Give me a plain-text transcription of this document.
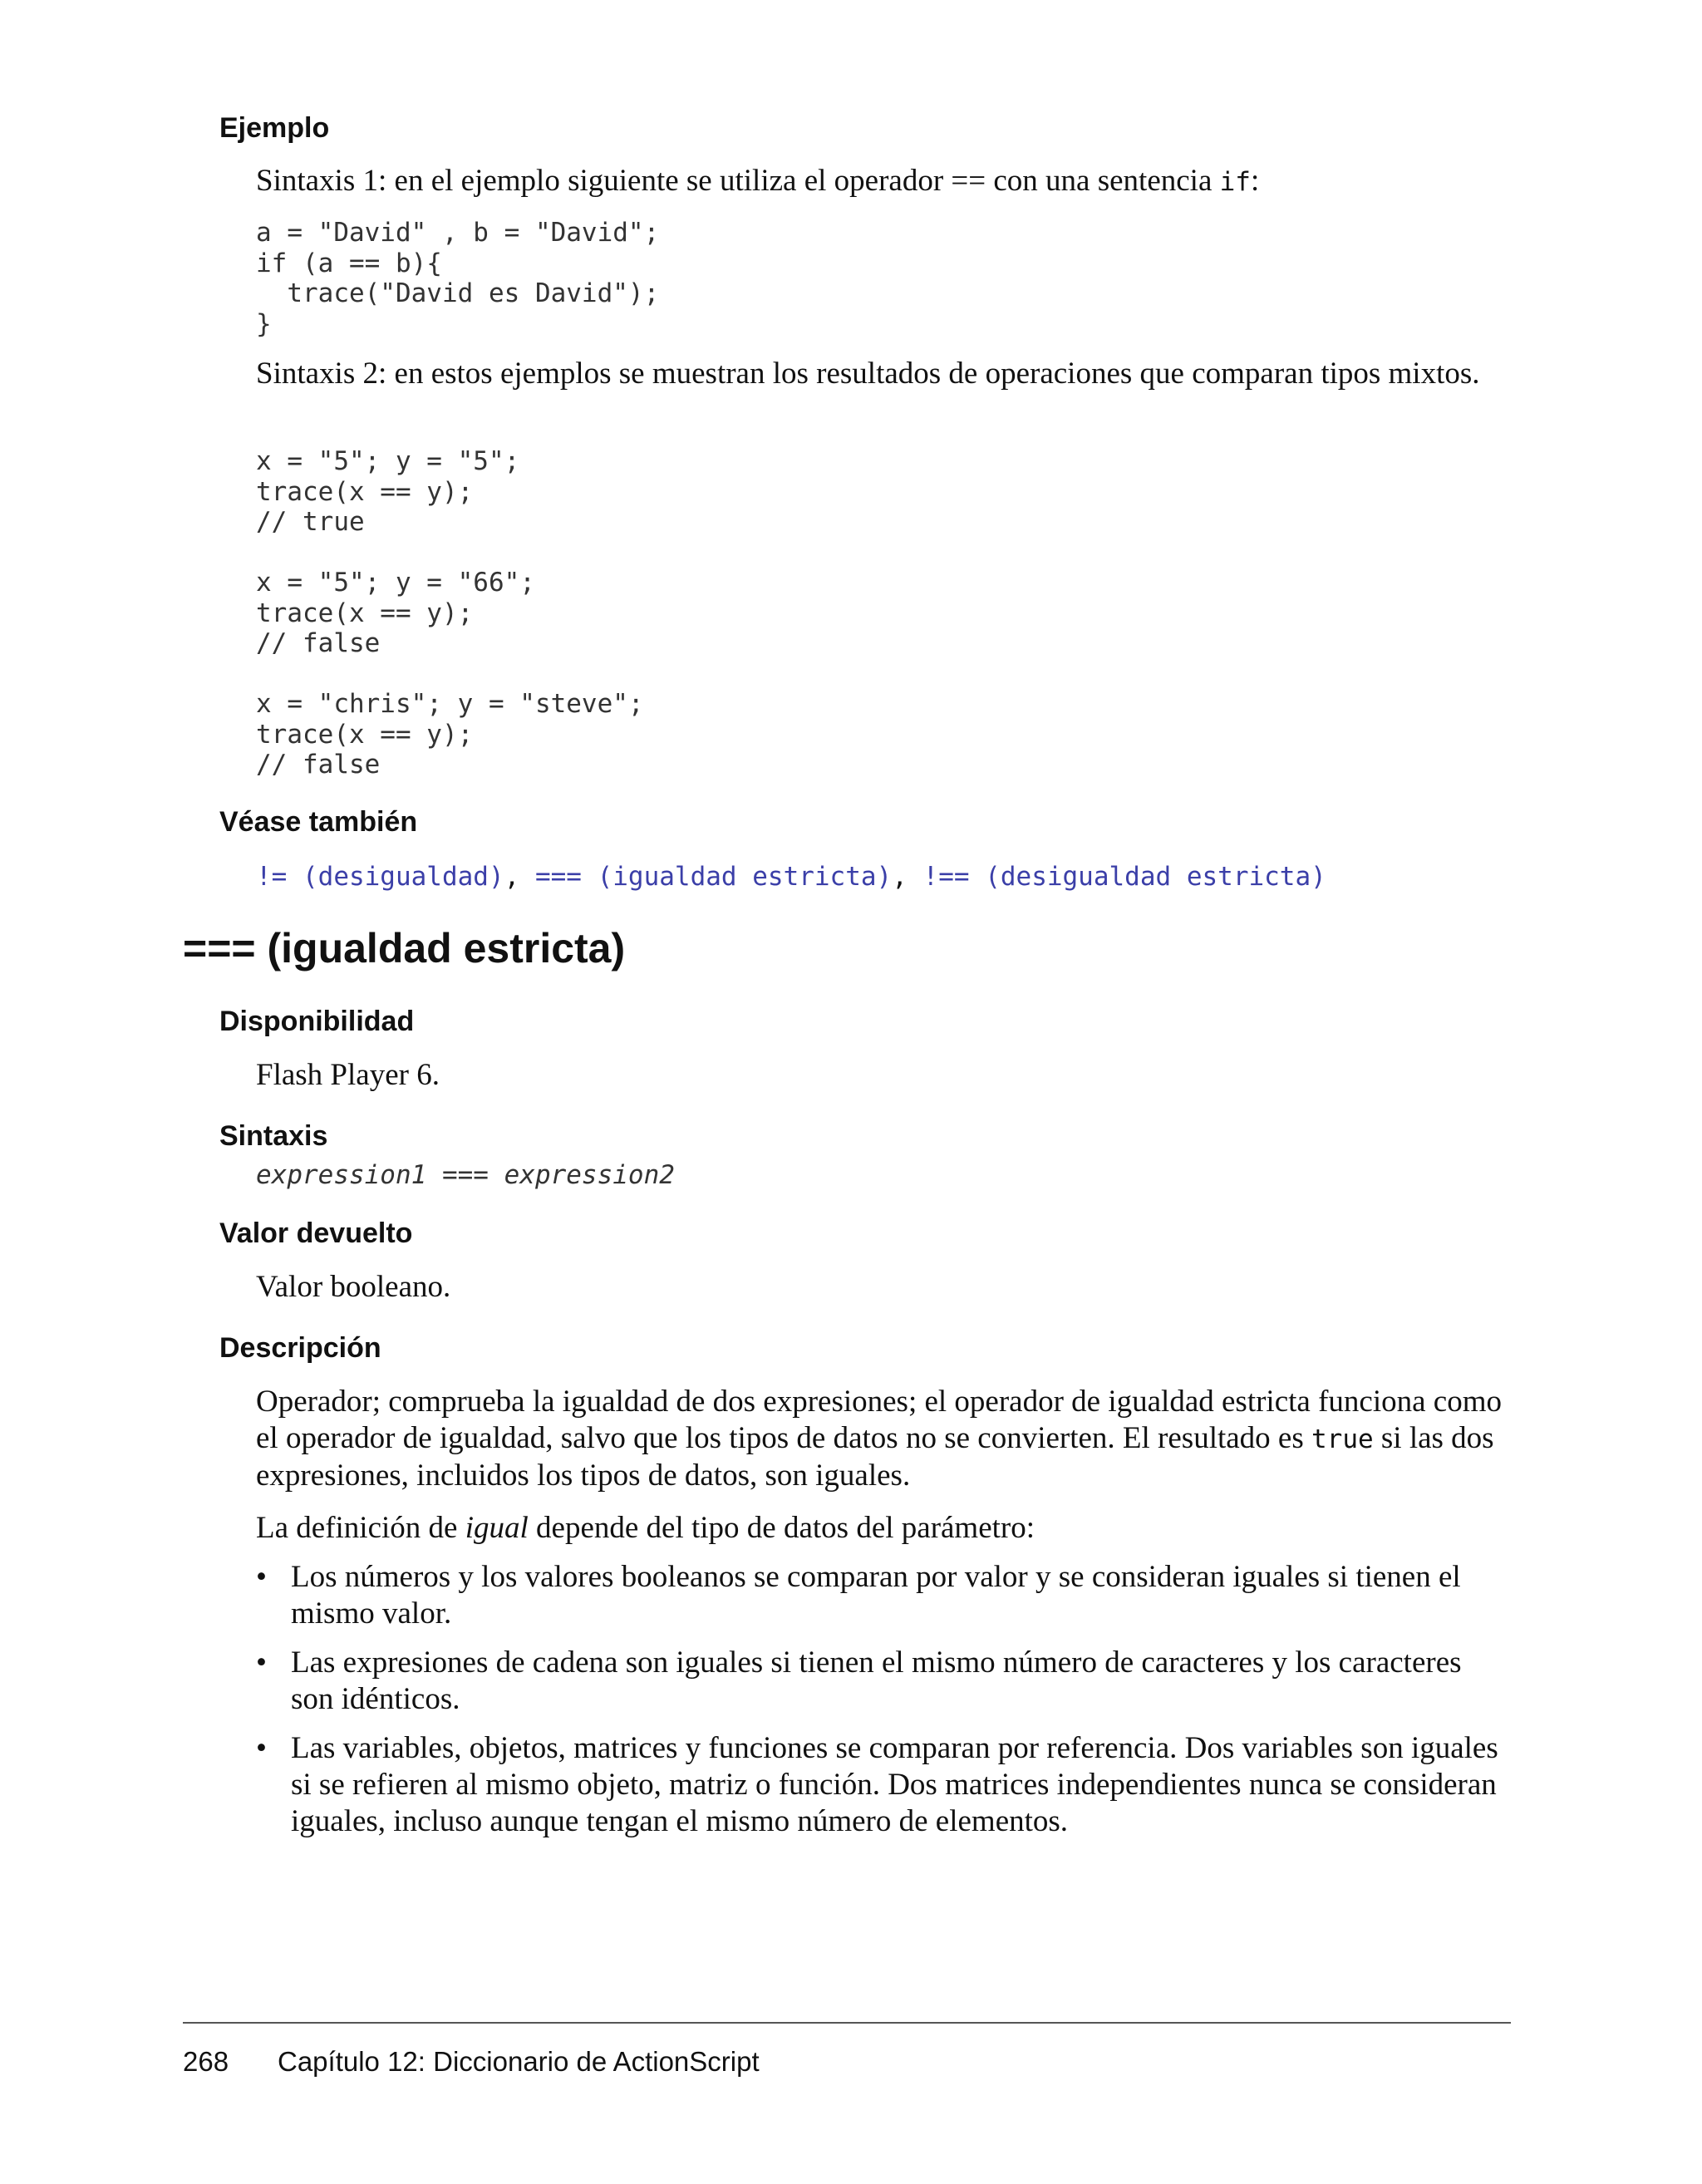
Ejemplo
Sintaxis 1: en el ejemplo siguiente se utiliza el operador == con una sentencia if:
a = "David" , b = "David";
if (a == b){
trace("David es David");
}
Sintaxis 2: en estos ejemplos se muestran los resultados de operaciones que comparan tipos mixtos.
x = "5"; y = "5";
trace(x == y);
// true

x = "5"; y = "66";
trace(x == y);
// false

x = "chris"; y = "steve";
trace(x == y);
// false
Véase también
!= (desigualdad), === (igualdad estricta), !== (desigualdad estricta)
=== (igualdad estricta)
Disponibilidad
Flash Player 6.
Sintaxis
expression1 === expression2
Valor devuelto
Valor booleano.
Descripción
Operador; comprueba la igualdad de dos expresiones; el operador de igualdad estricta funciona como el operador de igualdad, salvo que los tipos de datos no se convierten. El resultado es true si las dos expresiones, incluidos los tipos de datos, son iguales.
La definición de igual depende del tipo de datos del parámetro:
• Los números y los valores booleanos se comparan por valor y se consideran iguales si tienen el mismo valor.
• Las expresiones de cadena son iguales si tienen el mismo número de caracteres y los caracteres son idénticos.
• Las variables, objetos, matrices y funciones se comparan por referencia. Dos variables son iguales si se refieren al mismo objeto, matriz o función. Dos matrices independientes nunca se consideran iguales, incluso aunque tengan el mismo número de elementos.
268 Capítulo 12: Diccionario de ActionScript
